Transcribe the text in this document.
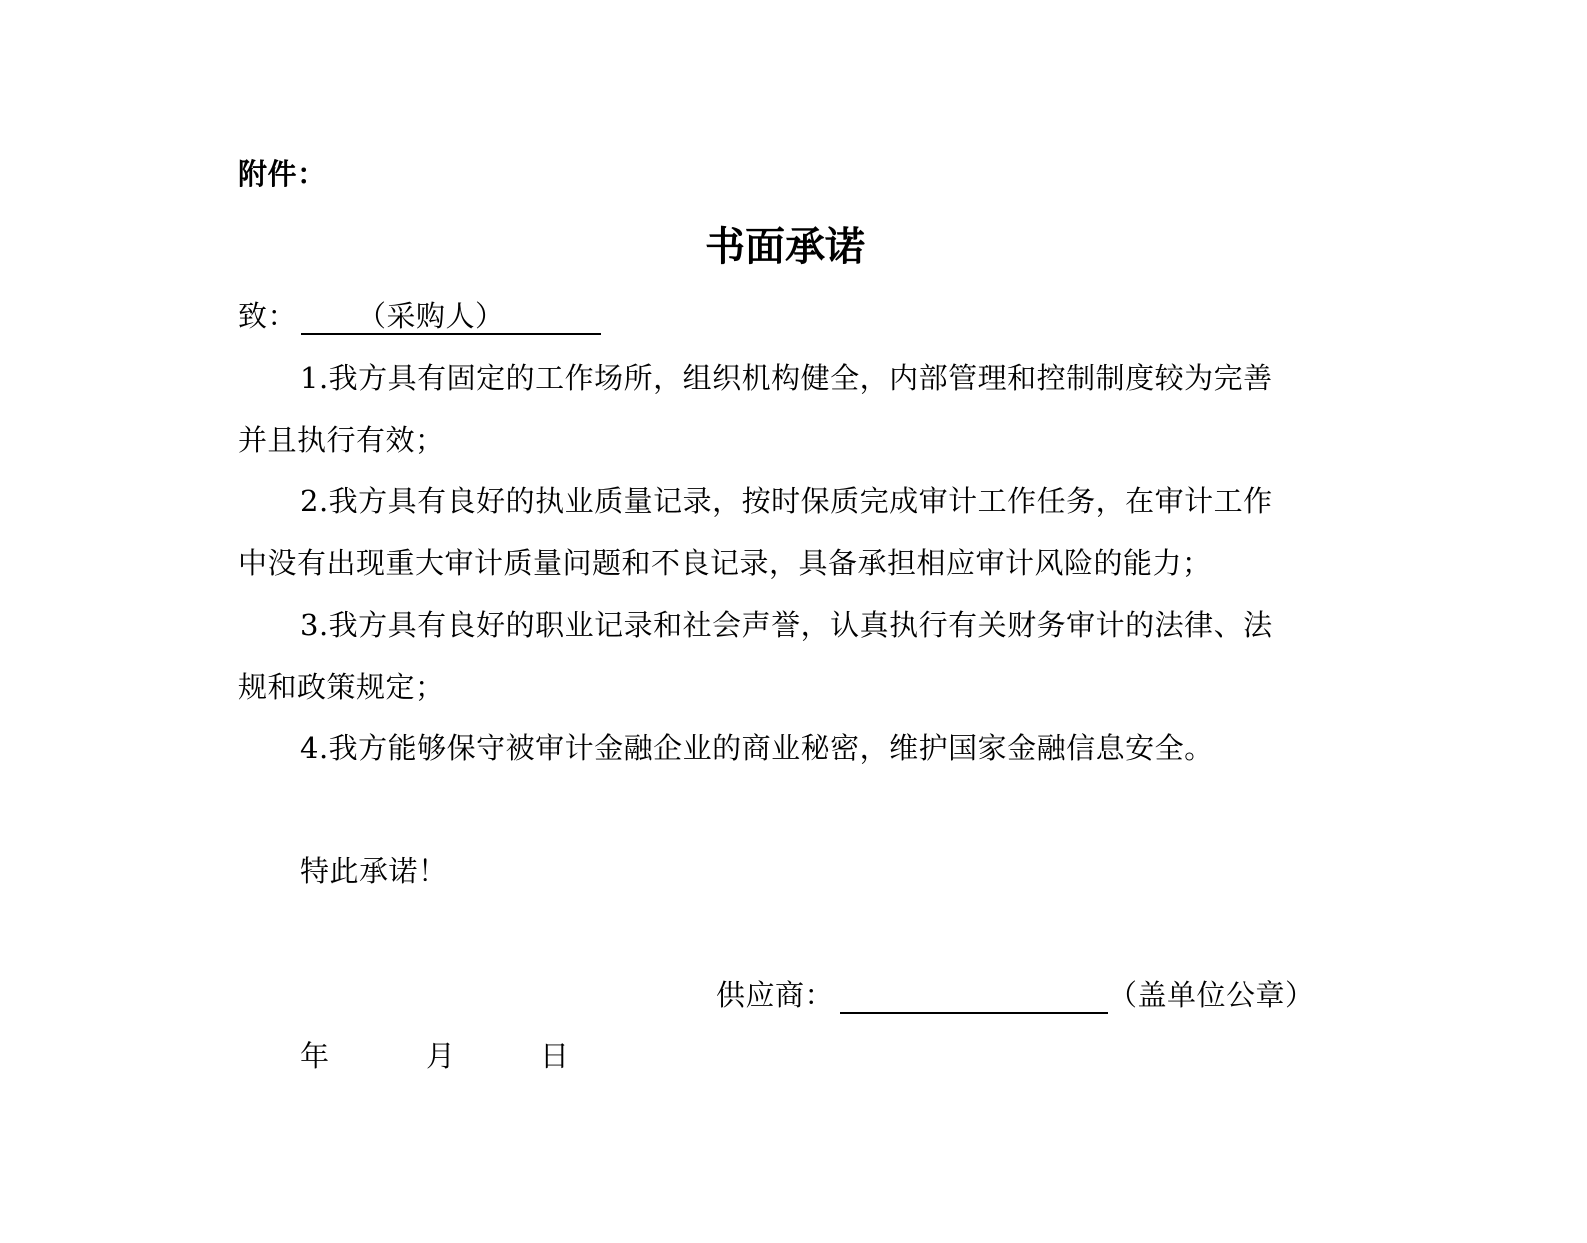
附件：
书面承诺
致： （采购人）

1.我方具有固定的工作场所，组织机构健全，内部管理和控制制度较为完善
并且执行有效；
2.我方具有良好的执业质量记录，按时保质完成审计工作任务，在审计工作
中没有出现重大审计质量问题和不良记录，具备承担相应审计风险的能力；
3.我方具有良好的职业记录和社会声誉，认真执行有关财务审计的法律、法
规和政策规定；
4.我方能够保守被审计金融企业的商业秘密，维护国家金融信息安全。
特此承诺！
供应商：	（盖单位公章）
年	月	日
